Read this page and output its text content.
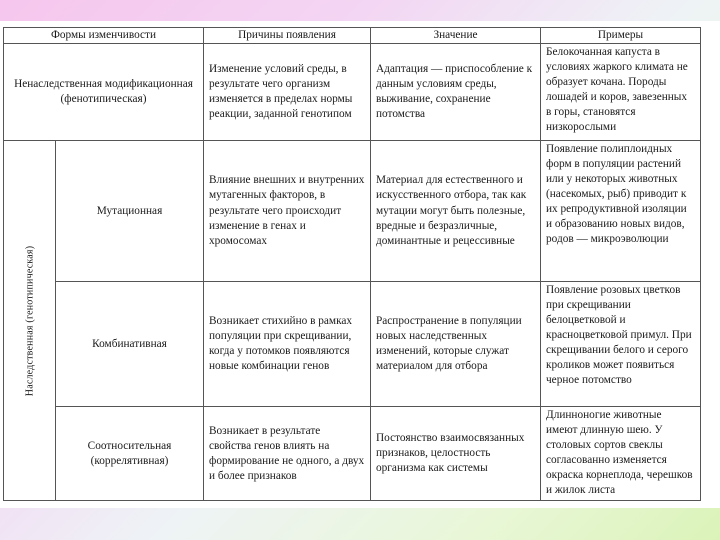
Формы изменчивости		Причины появления	Значение	Примеры
Ненаследственная модификационная (фенотипическая)		Изменение условий среды, в результате чего организм изменяется в пределах нормы реакции, заданной генотипом	Адаптация — приспособление к данным условиям среды, выживание, сохранение потомства	Белокочанная капуста в условиях жаркого климата не образует кочана. Породы лошадей и коров, завезенных в горы, становятся низкорослыми

Наследственная (генотипическая)	Мутационная	Влияние внешних и внутренних мутагенных факторов, в результате чего происходит изменение в генах и хромосомах	Материал для естественного и искусственного отбора, так как мутации могут быть полезные, вредные и безразличные, доминантные и рецессивные	Появление полиплоидных форм в популяции растений или у некоторых животных (насекомых, рыб) приводит к их репродуктивной изоляции и образованию новых видов, родов — микроэволюции
	Комбинативная	Возникает стихийно в рамках популяции при скрещивании, когда у потомков появляются новые комбинации генов	Распространение в популяции новых наследственных изменений, которые служат материалом для отбора	Появление розовых цветков при скрещивании белоцветковой и красноцветковой примул. При скрещивании белого и серого кроликов может появиться черное потомство
	Соотносительная (коррелятивная)	Возникает в результате свойства генов влиять на формирование не одного, а двух и более признаков	Постоянство взаимосвязанных признаков, целостность организма как системы	Длинноногие животные имеют длинную шею. У столовых сортов свеклы согласованно изменяется окраска корнеплода, черешков и жилок листа
